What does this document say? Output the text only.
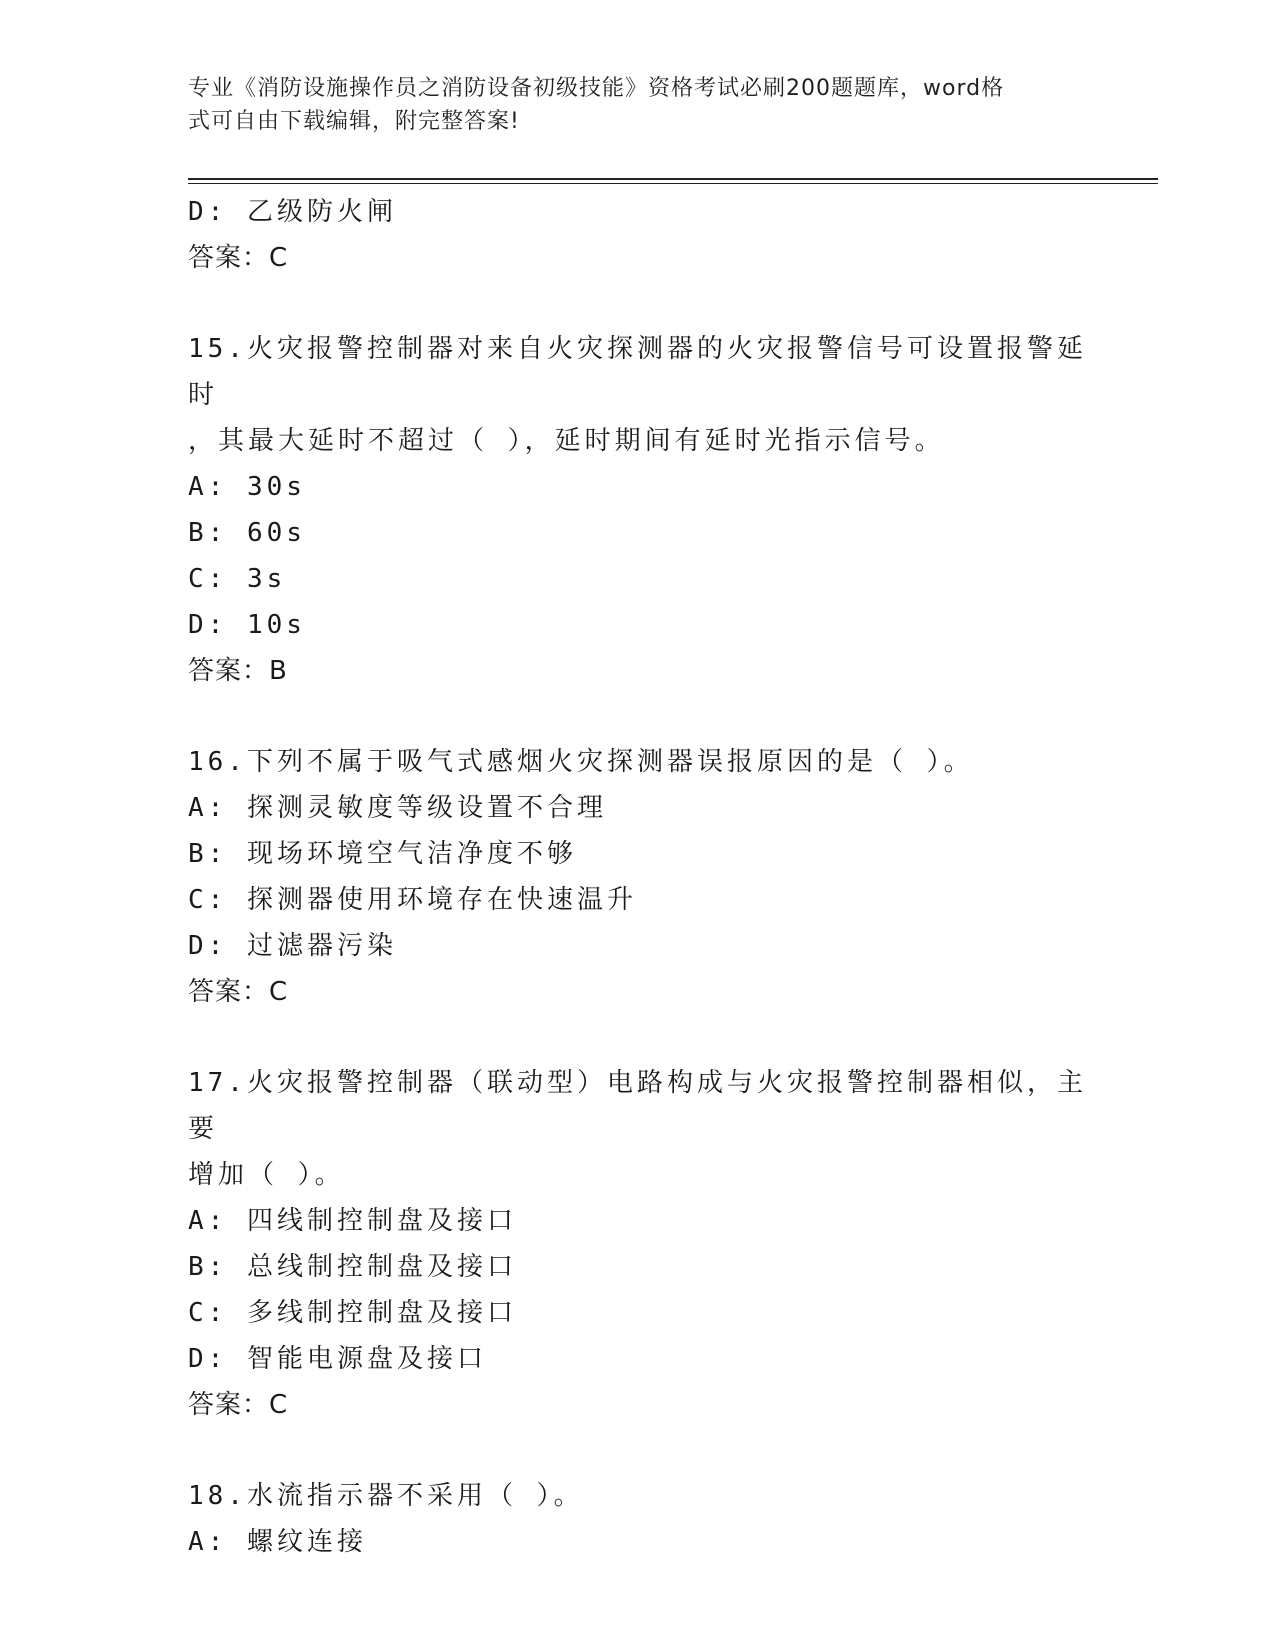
专业《消防设施操作员之消防设备初级技能》资格考试必刷200题题库，word格
式可自由下载编辑，附完整答案!
D: 乙级防火闸
答案：C
15.火灾报警控制器对来自火灾探测器的火灾报警信号可设置报警延时
，其最大延时不超过（ ），延时期间有延时光指示信号。
A: 30s
B: 60s
C: 3s
D: 10s
答案：B
16.下列不属于吸气式感烟火灾探测器误报原因的是（ ）。
A: 探测灵敏度等级设置不合理
B: 现场环境空气洁净度不够
C: 探测器使用环境存在快速温升
D: 过滤器污染
答案：C
17.火灾报警控制器（联动型）电路构成与火灾报警控制器相似，主要
增加（ ）。
A: 四线制控制盘及接口
B: 总线制控制盘及接口
C: 多线制控制盘及接口
D: 智能电源盘及接口
答案：C
18.水流指示器不采用（ ）。
A: 螺纹连接
